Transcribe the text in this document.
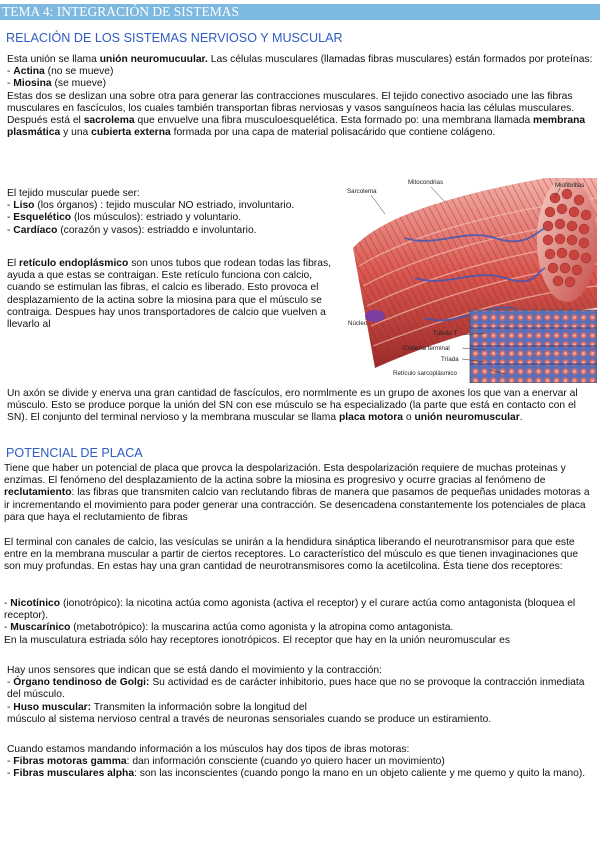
TEMA 4: INTEGRACIÓN DE SISTEMAS
RELACIÓN DE LOS SISTEMAS NERVIOSO Y MUSCULAR

Esta unión se llama unión neuromucuular. Las células musculares (llamadas fibras musculares) están formados por proteínas:

- Actina (no se mueve)

- Miosina (se mueve)

Estas dos se deslizan una sobre otra para generar las contracciones musculares. El tejido conectivo asociado une las fibras musculares en fascículos, los cuales también transportan fibras nerviosas y vasos sanguíneos hacia las células musculares. Después está el sacrolema que envuelve una fibra musculoesquelética. Esta formado po: una membrana llamada membrana plasmática y una cubierta externa formada por una capa de material polisacárido que contiene colágeno.

El tejido muscular puede ser:

- Liso (los órganos) : tejido muscular NO estriado, involuntario.

- Esquelético (los músculos): estriado y voluntario.

- Cardíaco (corazón y vasos): estriaddo e involuntario.

El retículo endoplásmico son unos tubos que rodean todas las fibras, ayuda a que estas se contraigan. Este retículo funciona con calcio, cuando se estimulan las fibras, el calcio es liberado. Esto provoca el desplazamiento de la actina sobre la miosina para que el músculo se contraiga. Despues hay unos transportadores de calcio que vuelven a llevarlo al

Mitocondrias
Sarcolema
Miofibrillas
Núcleo
Túbulo T
Cisterna terminal
Tríada
Retículo sarcoplásmico

Un axón se divide y enerva una gran cantidad de fascículos, ero normlmente es un grupo de axones los que van a enervar al músculo. Esto se produce porque la unión del SN con ese músculo se ha especializado (la parte que está en contacto con el SN). El conjunto del terminal nervioso y la membrana muscular se llama placa motora o unión neuromuscular.

POTENCIAL DE PLACA

Tiene que haber un potencial de placa que provca la despolarización. Esta despolarización requiere de muchas proteinas y enzimas. El fenómeno del desplazamiento de la actina sobre la miosina es progresivo y ocurre gracias al fenómeno de reclutamiento: las fibras que transmiten calcio van reclutando fibras de manera que pasamos de pequeñas unidades motoras a ir incrementando el movimiento para poder generar una contracción. Se desencadena constantemente los potenciales de placa para que haya el reclutamiento de fibras

El terminal con canales de calcio, las vesículas se unirán a la hendidura sináptica liberando el neurotransmisor para que este entre en la membrana muscular a partir de ciertos receptores. Lo característico del músculo es que tienen invaginaciones que son muy profundas. En estas hay una gran cantidad de neurotransmisores como la acetilcolina. Ésta tiene dos receptores:

- Nicotínico (ionotrópico): la nicotina actúa como agonista (activa el receptor) y el curare actúa como antagonista (bloquea el receptor).

- Muscarínico (metabotrópico): la muscarina actúa como agonista y la atropina como antagonista.

En la musculatura estriada sólo hay receptores ionotrópicos. El receptor que hay en la unión neuromuscular es

Hay unos sensores que indican que se está dando el movimiento y la contracción:

- Órgano tendinoso de Golgi: Su actividad es de carácter inhibitorio, pues hace que no se provoque la contracción inmediata del músculo.

- Huso muscular: Transmiten la información sobre la longitud del

músculo al sistema nervioso central a través de neuronas sensoriales cuando se produce un estiramiento.

Cuando estamos mandando información a los músculos hay dos tipos de ibras motoras:

- Fibras motoras gamma: dan información consciente (cuando yo quiero hacer un movimiento)

- Fibras musculares alpha: son las inconscientes (cuando pongo la mano en un objeto caliente y me quemo y quito la mano).
